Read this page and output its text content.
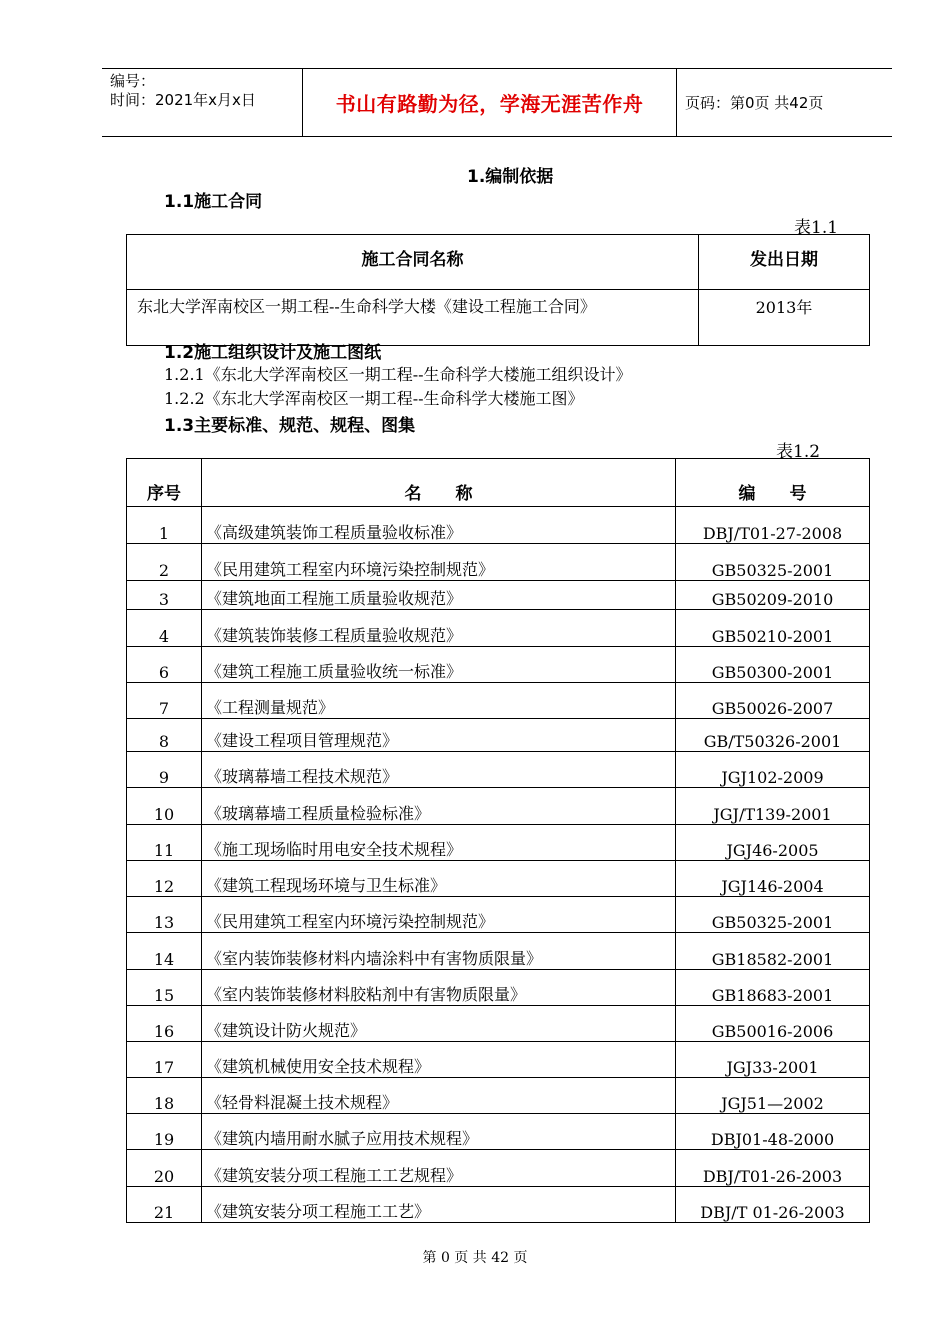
编号：
时间：2021年x月x日	书山有路勤为径，学海无涯苦作舟	页码：第0页 共42页
1.编制依据
1.1施工合同
表1.1
施工合同名称	发出日期
东北大学浑南校区一期工程--生命科学大楼《建设工程施工合同》	2013年
1.2施工组织设计及施工图纸
1.2.1《东北大学浑南校区一期工程--生命科学大楼施工组织设计》
1.2.2《东北大学浑南校区一期工程--生命科学大楼施工图》
1.3主要标准、规范、规程、图集
表1.2
序号	名　　称	编　　号
1	《高级建筑装饰工程质量验收标准》	DBJ/T01-27-2008
2	《民用建筑工程室内环境污染控制规范》	GB50325-2001
3	《建筑地面工程施工质量验收规范》	GB50209-2010
4	《建筑装饰装修工程质量验收规范》	GB50210-2001
6	《建筑工程施工质量验收统一标准》	GB50300-2001
7	《工程测量规范》	GB50026-2007
8	《建设工程项目管理规范》	GB/T50326-2001
9	《玻璃幕墙工程技术规范》	JGJ102-2009
10	《玻璃幕墙工程质量检验标准》	JGJ/T139-2001
11	《施工现场临时用电安全技术规程》	JGJ46-2005
12	《建筑工程现场环境与卫生标准》	JGJ146-2004
13	《民用建筑工程室内环境污染控制规范》	GB50325-2001
14	《室内装饰装修材料内墙涂料中有害物质限量》	GB18582-2001
15	《室内装饰装修材料胶粘剂中有害物质限量》	GB18683-2001
16	《建筑设计防火规范》	GB50016-2006
17	《建筑机械使用安全技术规程》	JGJ33-2001
18	《轻骨料混凝土技术规程》	JGJ51—2002
19	《建筑内墙用耐水腻子应用技术规程》	DBJ01-48-2000
20	《建筑安装分项工程施工工艺规程》	DBJ/T01-26-2003
21	《建筑安装分项工程施工工艺》	DBJ/T 01-26-2003
第 0 页 共 42 页
